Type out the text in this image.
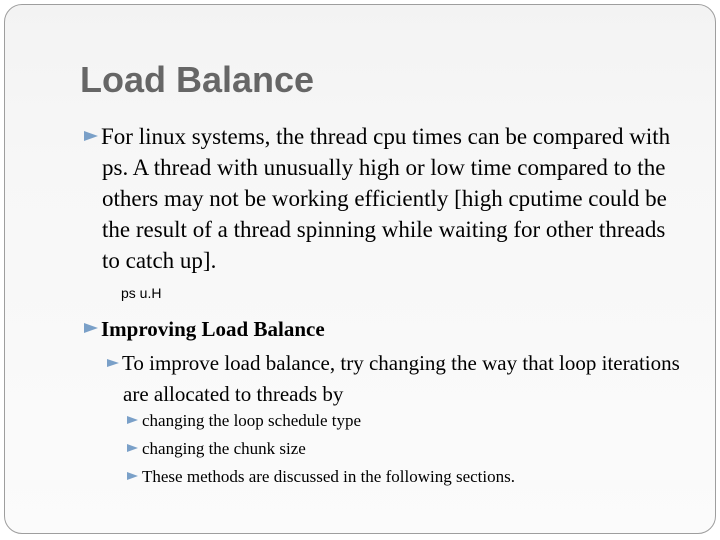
Load Balance
For linux systems, the thread cpu times can be compared with ps. A thread with unusually high or low time compared to the others may not be working efficiently [high cputime could be the result of a thread spinning while waiting for other threads to catch up].
ps u.H
Improving Load Balance
To improve load balance, try changing the way that loop iterations are allocated to threads by
changing the loop schedule type
changing the chunk size
These methods are discussed in the following sections.
